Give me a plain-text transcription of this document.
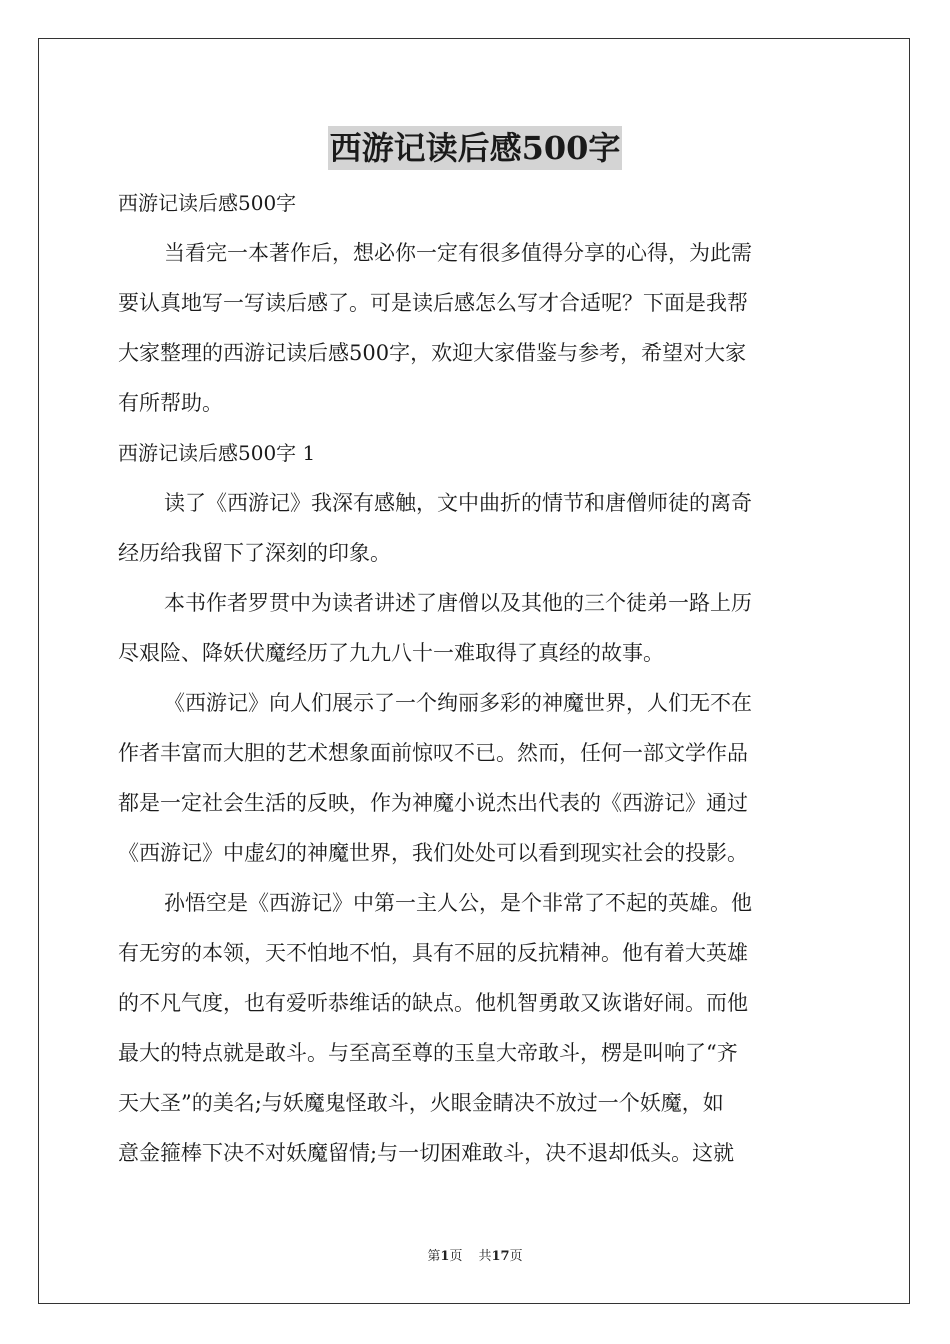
西游记读后感500字
西游记读后感500字
当看完一本著作后，想必你一定有很多值得分享的心得，为此需
要认真地写一写读后感了。可是读后感怎么写才合适呢？下面是我帮
大家整理的西游记读后感500字，欢迎大家借鉴与参考，希望对大家
有所帮助。
西游记读后感500字 1
读了《西游记》我深有感触，文中曲折的情节和唐僧师徒的离奇
经历给我留下了深刻的印象。
本书作者罗贯中为读者讲述了唐僧以及其他的三个徒弟一路上历
尽艰险、降妖伏魔经历了九九八十一难取得了真经的故事。
《西游记》向人们展示了一个绚丽多彩的神魔世界，人们无不在
作者丰富而大胆的艺术想象面前惊叹不已。然而，任何一部文学作品
都是一定社会生活的反映，作为神魔小说杰出代表的《西游记》通过
《西游记》中虚幻的神魔世界，我们处处可以看到现实社会的投影。
孙悟空是《西游记》中第一主人公，是个非常了不起的英雄。他
有无穷的本领，天不怕地不怕，具有不屈的反抗精神。他有着大英雄
的不凡气度，也有爱听恭维话的缺点。他机智勇敢又诙谐好闹。而他
最大的特点就是敢斗。与至高至尊的玉皇大帝敢斗，楞是叫响了“齐
天大圣”的美名;与妖魔鬼怪敢斗，火眼金睛决不放过一个妖魔，如
意金箍棒下决不对妖魔留情;与一切困难敢斗，决不退却低头。这就
第1页 共17页
